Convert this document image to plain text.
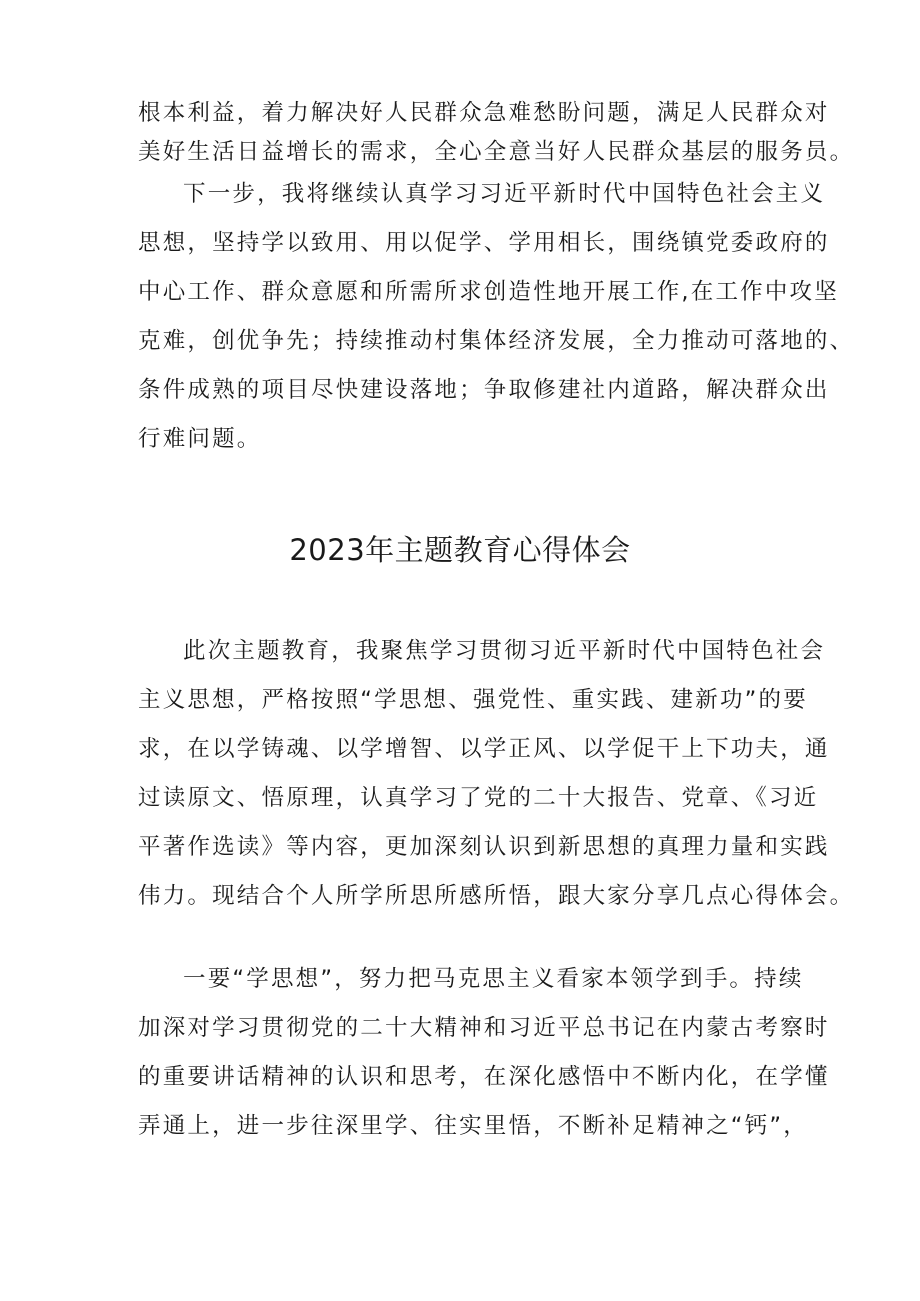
根本利益，着力解决好人民群众急难愁盼问题，满足人民群众对
美好生活日益增长的需求，全心全意当好人民群众基层的服务员。
下一步，我将继续认真学习习近平新时代中国特色社会主义
思想，坚持学以致用、用以促学、学用相长，围绕镇党委政府的
中心工作、群众意愿和所需所求创造性地开展工作,在工作中攻坚
克难，创优争先；持续推动村集体经济发展，全力推动可落地的、
条件成熟的项目尽快建设落地；争取修建社内道路，解决群众出
行难问题。
2023年主题教育心得体会
此次主题教育，我聚焦学习贯彻习近平新时代中国特色社会
主义思想，严格按照“学思想、强党性、重实践、建新功”的要
求，在以学铸魂、以学增智、以学正风、以学促干上下功夫，通
过读原文、悟原理，认真学习了党的二十大报告、党章、《习近
平著作选读》等内容，更加深刻认识到新思想的真理力量和实践
伟力。现结合个人所学所思所感所悟，跟大家分享几点心得体会。
一要“学思想”，努力把马克思主义看家本领学到手。持续
加深对学习贯彻党的二十大精神和习近平总书记在内蒙古考察时
的重要讲话精神的认识和思考，在深化感悟中不断内化，在学懂
弄通上，进一步往深里学、往实里悟，不断补足精神之“钙”，
